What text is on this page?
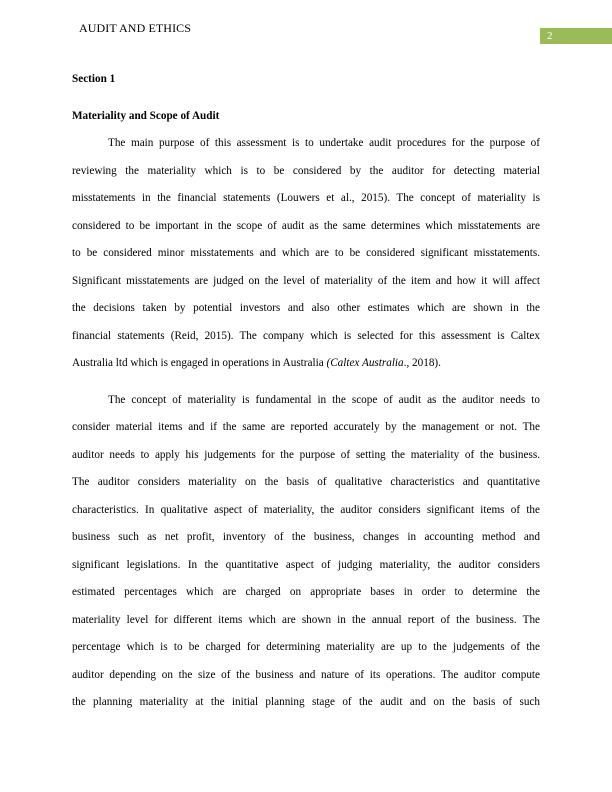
AUDIT AND ETHICS
2

Section 1

Materiality and Scope of Audit

The main purpose of this assessment is to undertake audit procedures for the purpose of
reviewing the materiality which is to be considered by the auditor for detecting material
misstatements in the financial statements (Louwers et al., 2015). The concept of materiality is
considered to be important in the scope of audit as the same determines which misstatements are
to be considered minor misstatements and which are to be considered significant misstatements.
Significant misstatements are judged on the level of materiality of the item and how it will affect
the decisions taken by potential investors and also other estimates which are shown in the
financial statements (Reid, 2015). The company which is selected for this assessment is Caltex
Australia ltd which is engaged in operations in Australia (Caltex Australia., 2018).

The concept of materiality is fundamental in the scope of audit as the auditor needs to
consider material items and if the same are reported accurately by the management or not. The
auditor needs to apply his judgements for the purpose of setting the materiality of the business.
The auditor considers materiality on the basis of qualitative characteristics and quantitative
characteristics. In qualitative aspect of materiality, the auditor considers significant items of the
business such as net profit, inventory of the business, changes in accounting method and
significant legislations. In the quantitative aspect of judging materiality, the auditor considers
estimated percentages which are charged on appropriate bases in order to determine the
materiality level for different items which are shown in the annual report of the business. The
percentage which is to be charged for determining materiality are up to the judgements of the
auditor depending on the size of the business and nature of its operations. The auditor compute
the planning materiality at the initial planning stage of the audit and on the basis of such
